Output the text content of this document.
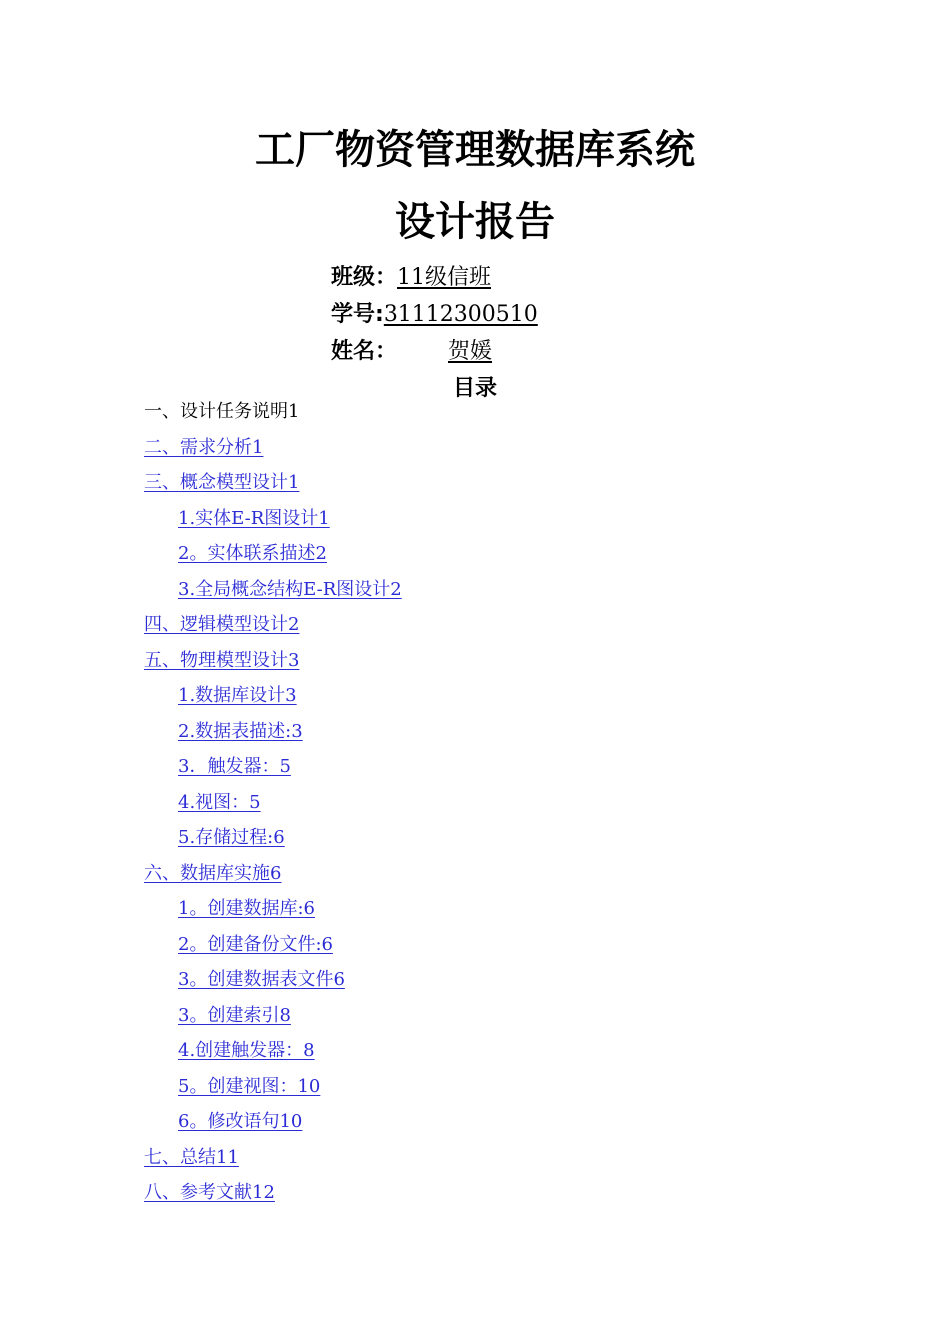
工厂物资管理数据库系统
设计报告
班级：11级信班
学号:31112300510
姓名： 贺媛
目录
一、设计任务说明1
二、需求分析1
三、概念模型设计1
1.实体E-R图设计1
2。实体联系描述2
3.全局概念结构E-R图设计2
四、逻辑模型设计2
五、物理模型设计3
1.数据库设计3
2.数据表描述:3
3．触发器：5
4.视图：5
5.存储过程:6
六、数据库实施6
1。创建数据库:6
2。创建备份文件:6
3。创建数据表文件6
3。创建索引8
4.创建触发器：8
5。创建视图：10
6。修改语句10
七、总结11
八、参考文献12
